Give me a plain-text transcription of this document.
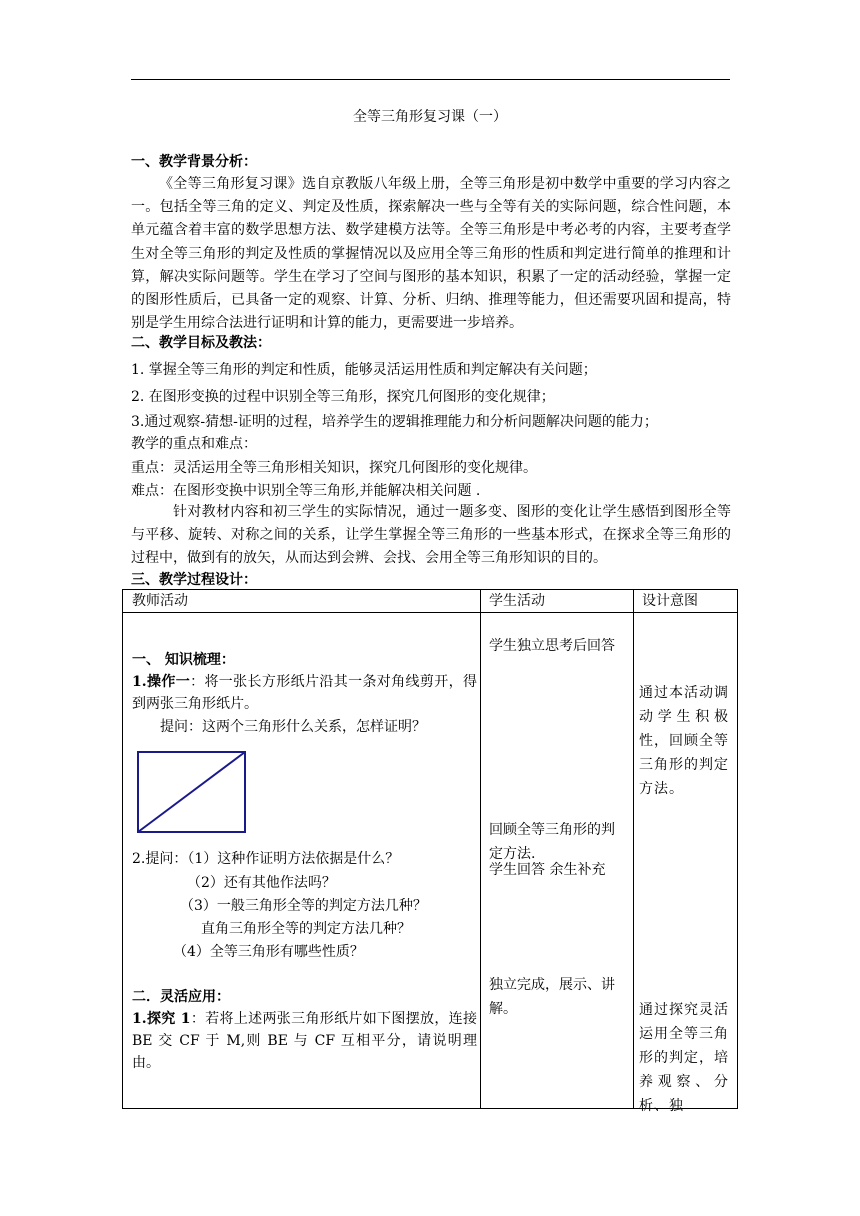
全等三角形复习课（一）
一、教学背景分析：
《全等三角形复习课》选自京教版八年级上册，全等三角形是初中数学中重要的学习内容之一。包括全等三角的定义、判定及性质，探索解决一些与全等有关的实际问题，综合性问题，本单元蕴含着丰富的数学思想方法、数学建模方法等。全等三角形是中考必考的内容，主要考查学生对全等三角形的判定及性质的掌握情况以及应用全等三角形的性质和判定进行简单的推理和计算，解决实际问题等。学生在学习了空间与图形的基本知识，积累了一定的活动经验，掌握一定的图形性质后，已具备一定的观察、计算、分析、归纳、推理等能力，但还需要巩固和提高，特别是学生用综合法进行证明和计算的能力，更需要进一步培养。
二、教学目标及教法：
1. 掌握全等三角形的判定和性质，能够灵活运用性质和判定解决有关问题；
2. 在图形变换的过程中识别全等三角形，探究几何图形的变化规律；
3.通过观察-猜想-证明的过程，培养学生的逻辑推理能力和分析问题解决问题的能力；
教学的重点和难点：
重点：灵活运用全等三角形相关知识，探究几何图形的变化规律。
难点：在图形变换中识别全等三角形,并能解决相关问题 .
针对教材内容和初三学生的实际情况，通过一题多变、图形的变化让学生感悟到图形全等与平移、旋转、对称之间的关系，让学生掌握全等三角形的一些基本形式，在探求全等三角形的过程中，做到有的放矢，从而达到会辨、会找、会用全等三角形知识的目的。
三、教学过程设计：
教师活动	学生活动	设计意图
一、 知识梳理：
1.操作一：将一张长方形纸片沿其一条对角线剪开，得到两张三角形纸片。
提问：这两个三角形什么关系，怎样证明？
2.提问：（1）这种作证明方法依据是什么？
（2）还有其他作法吗？
（3）一般三角形全等的判定方法几种？
直角三角形全等的判定方法几种？
（4）全等三角形有哪些性质？
二．灵活应用：
1.探究 1：若将上述两张三角形纸片如下图摆放，连接 BE 交 CF 于 M,则 BE 与 CF 互相平分，请说明理由。
学生独立思考后回答
回顾全等三角形的判定方法.
学生回答 余生补充
独立完成，展示、讲解。
通过本活动调动学生积极性，回顾全等三角形的判定方法。
通过探究灵活运用全等三角形的判定，培养观察、分析、独
